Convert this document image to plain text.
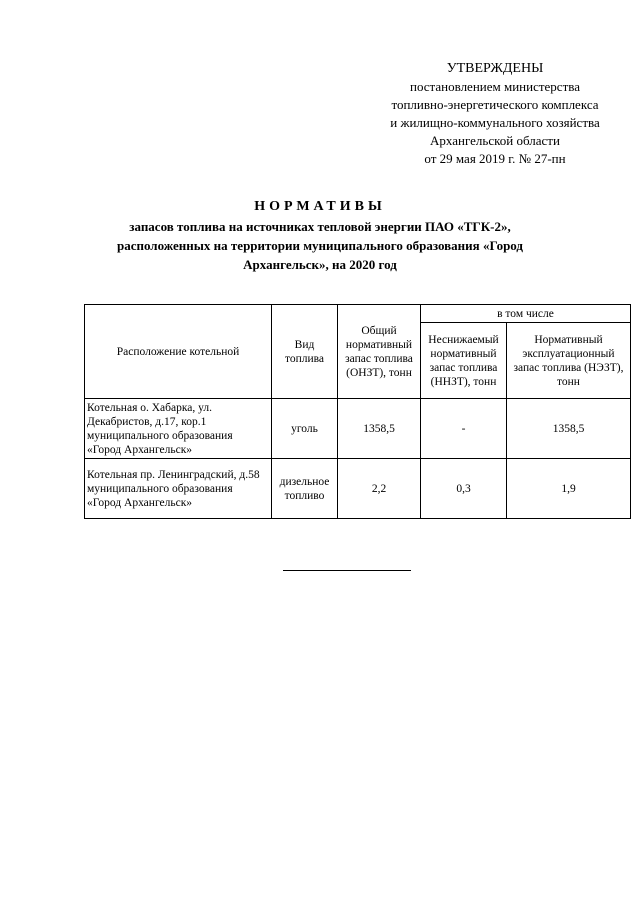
УТВЕРЖДЕНЫ
постановлением министерства
топливно-энергетического комплекса
и жилищно-коммунального хозяйства
Архангельской области
от 29 мая 2019 г. № 27-пн
НОРМАТИВЫ
запасов топлива на источниках тепловой энергии ПАО «ТГК-2»,
расположенных на территории муниципального образования «Город
Архангельск», на 2020 год
Расположение котельной	Вид топлива	Общий нормативный запас топлива (ОНЗТ), тонн	в том числе	
			Неснижаемый нормативный запас топлива (ННЗТ), тонн	Нормативный эксплуатационный запас топлива (НЭЗТ), тонн
Котельная о. Хабарка, ул. Декабристов, д.17, кор.1 муниципального образования «Город Архангельск»	уголь	1358,5	-	1358,5
Котельная пр. Ленинградский, д.58 муниципального образования «Город Архангельск»	дизельное топливо	2,2	0,3	1,9
